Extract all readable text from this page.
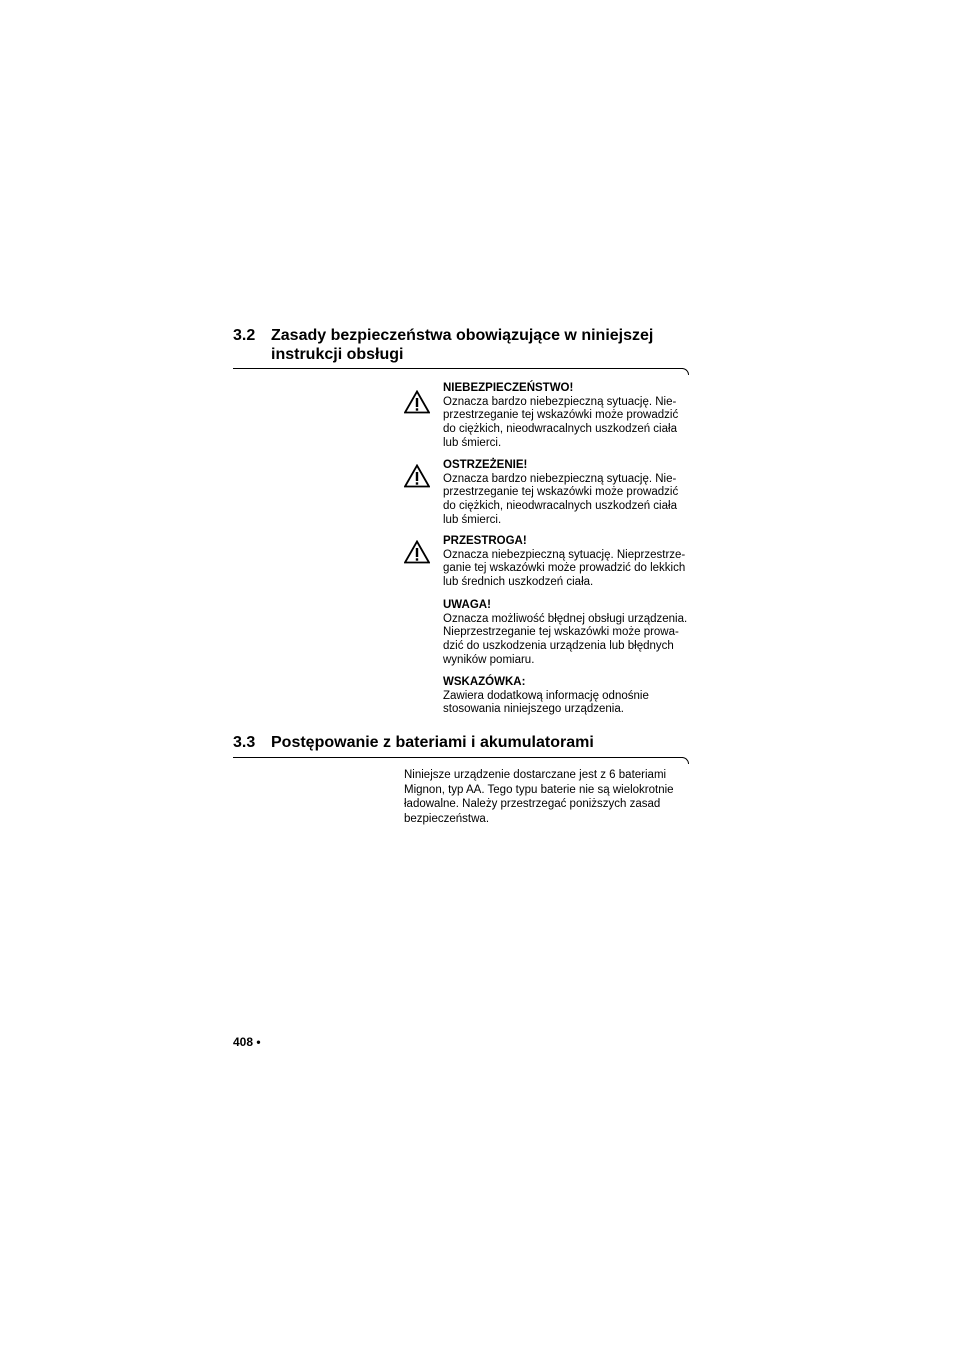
3.2 Zasady bezpieczeństwa obowiązujące w niniejszej
instrukcji obsługi
NIEBEZPIECZEŃSTWO!
Oznacza bardzo niebezpieczną sytuację. Nie-
przestrzeganie tej wskazówki może prowadzić
do ciężkich, nieodwracalnych uszkodzeń ciała
lub śmierci.
OSTRZEŻENIE!
Oznacza bardzo niebezpieczną sytuację. Nie-
przestrzeganie tej wskazówki może prowadzić
do ciężkich, nieodwracalnych uszkodzeń ciała
lub śmierci.
PRZESTROGA!
Oznacza niebezpieczną sytuację. Nieprzestrze-
ganie tej wskazówki może prowadzić do lekkich
lub średnich uszkodzeń ciała.
UWAGA!
Oznacza możliwość błędnej obsługi urządzenia.
Nieprzestrzeganie tej wskazówki może prowa-
dzić do uszkodzenia urządzenia lub błędnych
wyników pomiaru.
WSKAZÓWKA:
Zawiera dodatkową informację odnośnie
stosowania niniejszego urządzenia.
3.3 Postępowanie z bateriami i akumulatorami
Niniejsze urządzenie dostarczane jest z 6 bateriami
Mignon, typ AA. Tego typu baterie nie są wielokrotnie
ładowalne. Należy przestrzegać poniższych zasad
bezpieczeństwa.
408 •
